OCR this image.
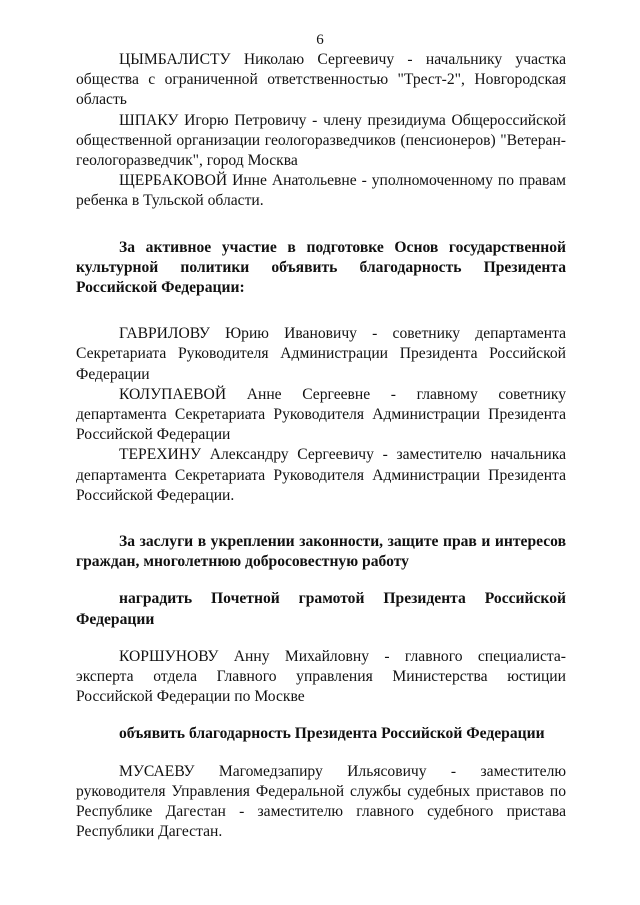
6

ЦЫМБАЛИСТУ Николаю Сергеевичу - начальнику участка общества с ограниченной ответственностью "Трест-2", Новгородская область

ШПАКУ Игорю Петровичу - члену президиума Общероссийской общественной организации геологоразведчиков (пенсионеров) "Ветеран-геологоразведчик", город Москва

ЩЕРБАКОВОЙ Инне Анатольевне - уполномоченному по правам ребенка в Тульской области.

За активное участие в подготовке Основ государственной культурной политики объявить благодарность Президента Российской Федерации:

ГАВРИЛОВУ Юрию Ивановичу - советнику департамента Секретариата Руководителя Администрации Президента Российской Федерации

КОЛУПАЕВОЙ Анне Сергеевне - главному советнику департамента Секретариата Руководителя Администрации Президента Российской Федерации

ТЕРЕХИНУ Александру Сергеевичу - заместителю начальника департамента Секретариата Руководителя Администрации Президента Российской Федерации.

За заслуги в укреплении законности, защите прав и интересов граждан, многолетнюю добросовестную работу

наградить Почетной грамотой Президента Российской Федерации

КОРШУНОВУ Анну Михайловну - главного специалиста-эксперта отдела Главного управления Министерства юстиции Российской Федерации по Москве

объявить благодарность Президента Российской Федерации

МУСАЕВУ Магомедзапиру Ильясовичу - заместителю руководителя Управления Федеральной службы судебных приставов по Республике Дагестан - заместителю главного судебного пристава Республики Дагестан.
